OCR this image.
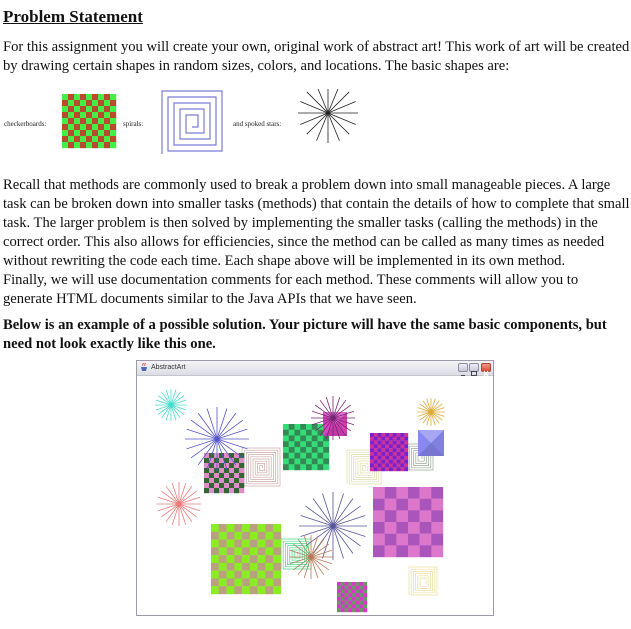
Problem Statement

For this assignment you will create your own, original work of abstract art! This work of art will be created by drawing certain shapes in random sizes, colors, and locations. The basic shapes are:

checkerboards:	spirals:	and spoked stars:

Recall that methods are commonly used to break a problem down into small manageable pieces. A large task can be broken down into smaller tasks (methods) that contain the details of how to complete that small task. The larger problem is then solved by implementing the smaller tasks (calling the methods) in the correct order. This also allows for efficiencies, since the method can be called as many times as needed without rewriting the code each time. Each shape above will be implemented in its own method.

Finally, we will use documentation comments for each method. These comments will allow you to generate HTML documents similar to the Java APIs that we have seen.

Below is an example of a possible solution. Your picture will have the same basic components, but need not look exactly like this one.

AbstractArt
